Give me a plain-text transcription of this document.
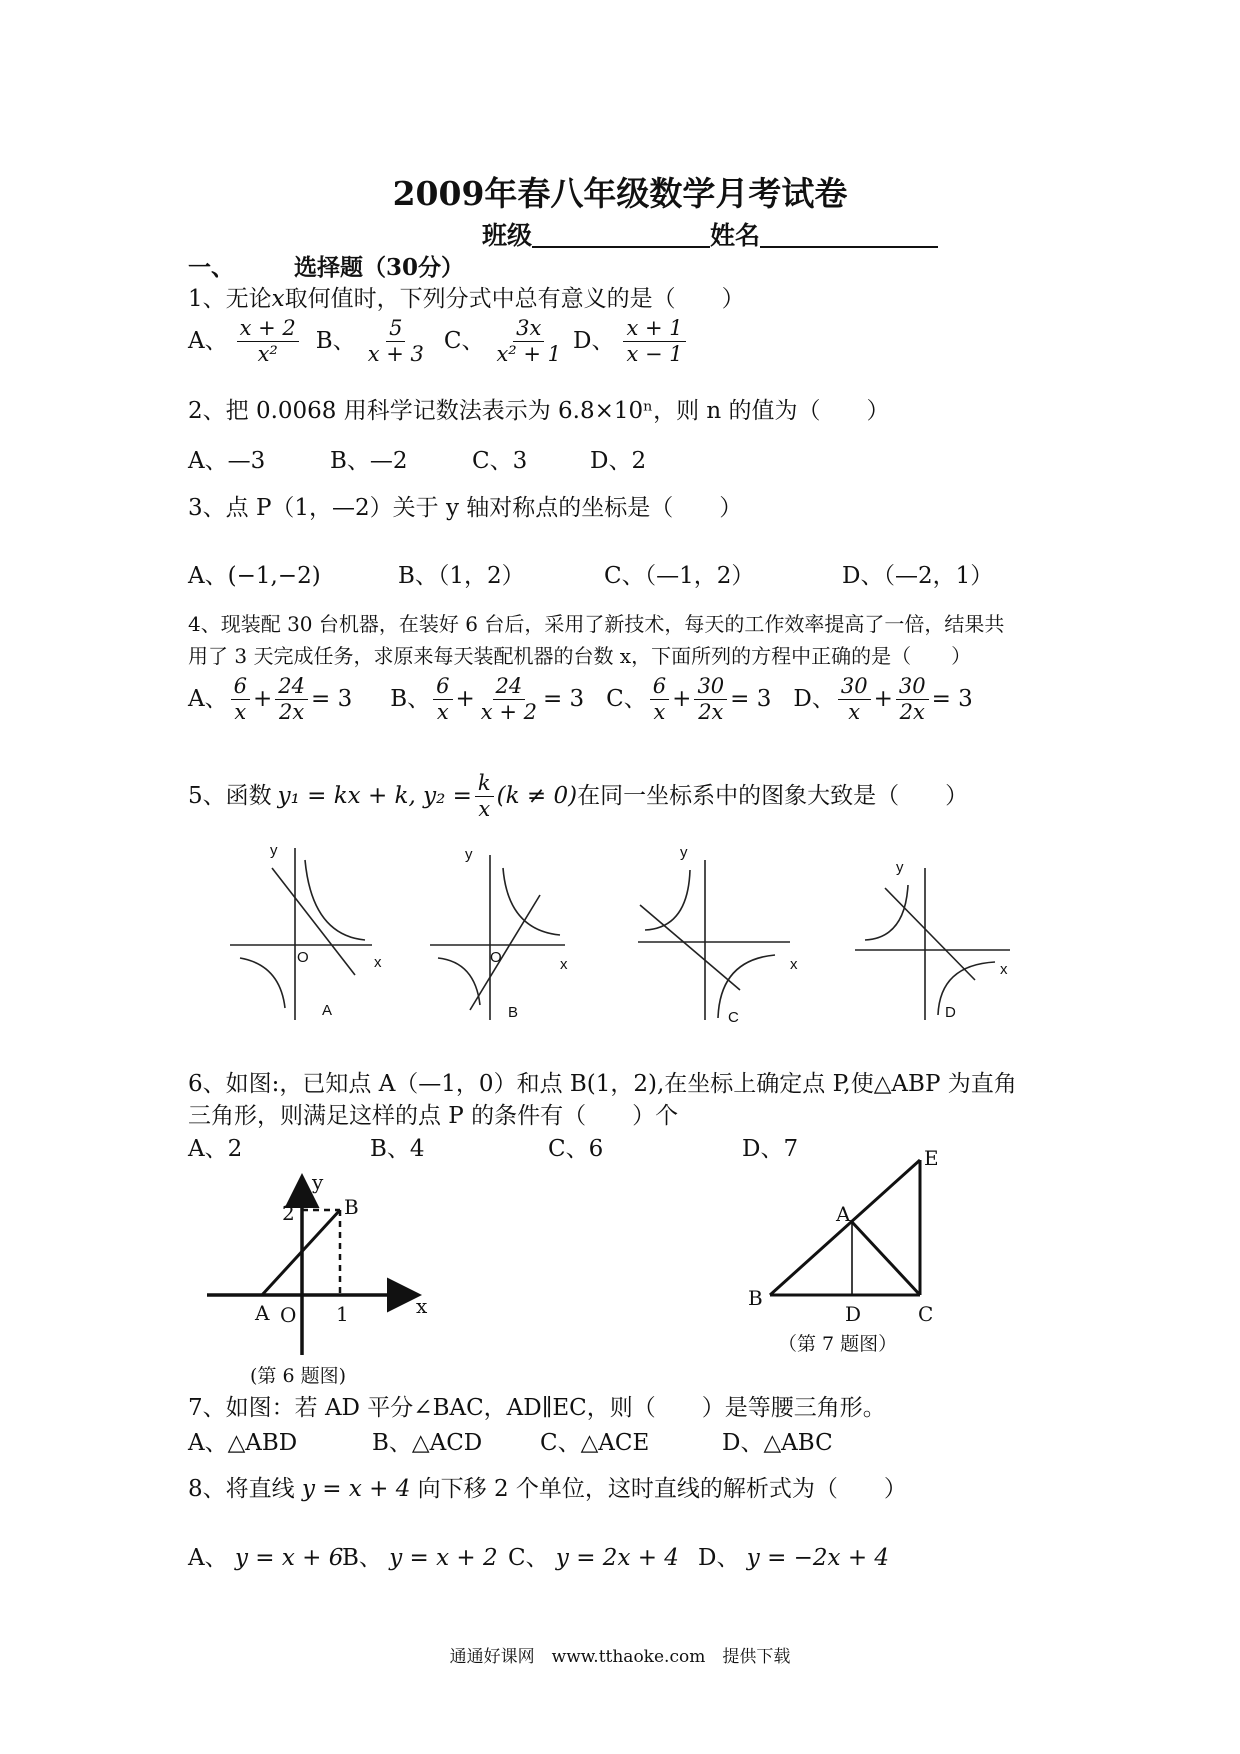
2009年春八年级数学月考试卷
班级	姓名
一、	选择题（30分）
1、无论x取何值时，下列分式中总有意义的是（　　）
A、 $\frac{x + 2}{\text{x²}}$ B、 $\frac{5}{x + 3}$ C、 $\frac{3x}{\text{x² + 1}}$ D、 $\frac{x + 1}{x - 1}$
2、把 0.0068 用科学记数法表示为 6.8×10ⁿ，则 n 的值为（　　）
A、—3	B、—2	C、3	D、2
3、点 P（1，—2）关于 y 轴对称点的坐标是（　　）
A、(−1,−2)	B、（1，2）	C、（—1，2）	D、（—2，1）
4、现装配 30 台机器，在装好 6 台后，采用了新技术，每天的工作效率提高了一倍，结果共
用了 3 天完成任务，求原来每天装配机器的台数 x，下面所列的方程中正确的是（　　）
A、 $\frac{6}{x} + \frac{24}{2x} = 3$ B、 $\frac{6}{x} + \frac{24}{x + 2} = 3$ C、 $\frac{6}{x} + \frac{30}{2x} = 3$ D、 $\frac{30}{x} + \frac{30}{2x} = 3$
5、函数 y₁ = kx + k, $y_2 = \frac{k}{x} (k \ne 0)$ 在同一坐标系中的图象大致是（　　）
y
O	x
A
y
O	x
B
y
x
C
y
x
D
6、如图:，已知点 A（—1，0）和点 B(1，2),在坐标上确定点 P,使△ABP 为直角
三角形，则满足这样的点 P 的条件有（　　）个
A、2	B、4	C、6	D、7
y
x
2 B
A O 1
(第 6 题图)
E
A
B
D	C
（第 7 题图）
7、如图：若 AD 平分∠BAC，AD∥EC，则（　　）是等腰三角形。
A、△ABD	B、△ACD	C、△ACE	D、△ABC
8、将直线 y = x + 4 向下移 2 个单位，这时直线的解析式为（　　）
A、 y = x + 6
B、 y = x + 2 C、 y = 2x + 4 D、 y = −2x + 4
通通好课网　www.tthaoke.com　提供下载
